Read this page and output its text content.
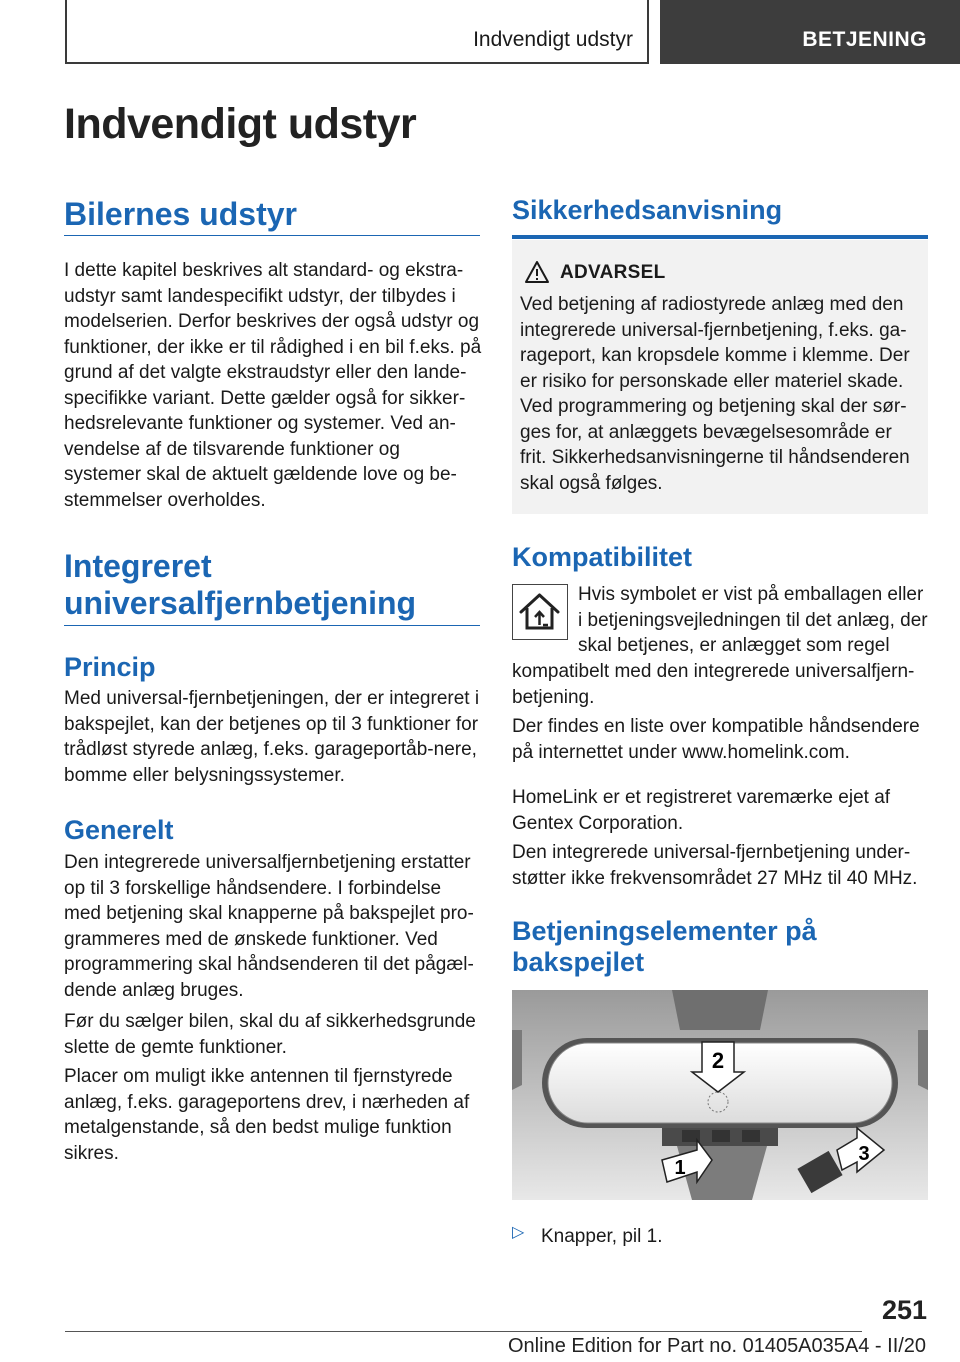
Indvendigt udstyr	BETJENING
Indvendigt udstyr
Bilernes udstyr

I dette kapitel beskrives alt standard- og ekstra-udstyr samt landespecifikt udstyr, der tilbydes i modelserien. Derfor beskrives der også udstyr og funktioner, der ikke er til rådighed i en bil f.eks. på grund af det valgte ekstraudstyr eller den lande-specifikke variant. Dette gælder også for sikker-hedsrelevante funktioner og systemer. Ved an-vendelse af de tilsvarende funktioner og systemer skal de aktuelt gældende love og be-stemmelser overholdes.

Integreret
universalfjernbetjening
Princip

Med universal-fjernbetjeningen, der er integreret i bakspejlet, kan der betjenes op til 3 funktioner for trådløst styrede anlæg, f.eks. garageportåb-nere, bomme eller belysningssystemer.

Generelt

Den integrerede universalfjernbetjening erstatter op til 3 forskellige håndsendere. I forbindelse med betjening skal knapperne på bakspejlet pro-grammeres med de ønskede funktioner. Ved programmering skal håndsenderen til det pågæl-dende anlæg bruges.

Før du sælger bilen, skal du af sikkerhedsgrunde slette de gemte funktioner.

Placer om muligt ikke antennen til fjernstyrede anlæg, f.eks. garageportens drev, i nærheden af metalgenstande, så den bedst mulige funktion sikres.

Sikkerhedsanvisning
ADVARSEL
Ved betjening af radiostyrede anlæg med den integrerede universal-fjernbetjening, f.eks. ga-rageport, kan kropsdele komme i klemme. Der er risiko for personskade eller materiel skade. Ved programmering og betjening skal der sør-ges for, at anlæggets bevægelsesområde er frit. Sikkerhedsanvisningerne til håndsenderen skal også følges.
Kompatibilitet

Hvis symbolet er vist på emballagen eller i betjeningsvejledningen til det anlæg, der skal betjenes, er anlægget som regel

kompatibelt med den integrerede universalfjern-betjening.

Der findes en liste over kompatible håndsendere på internettet under www.homelink.com.

HomeLink er et registreret varemærke ejet af Gentex Corporation.

Den integrerede universal-fjernbetjening under-støtter ikke frekvensområdet 27 MHz til 40 MHz.

Betjeningselementer på
bakspejlet
2
1
3
▷ Knapper, pil 1.

251
Online Edition for Part no. 01405A035A4 - II/20
